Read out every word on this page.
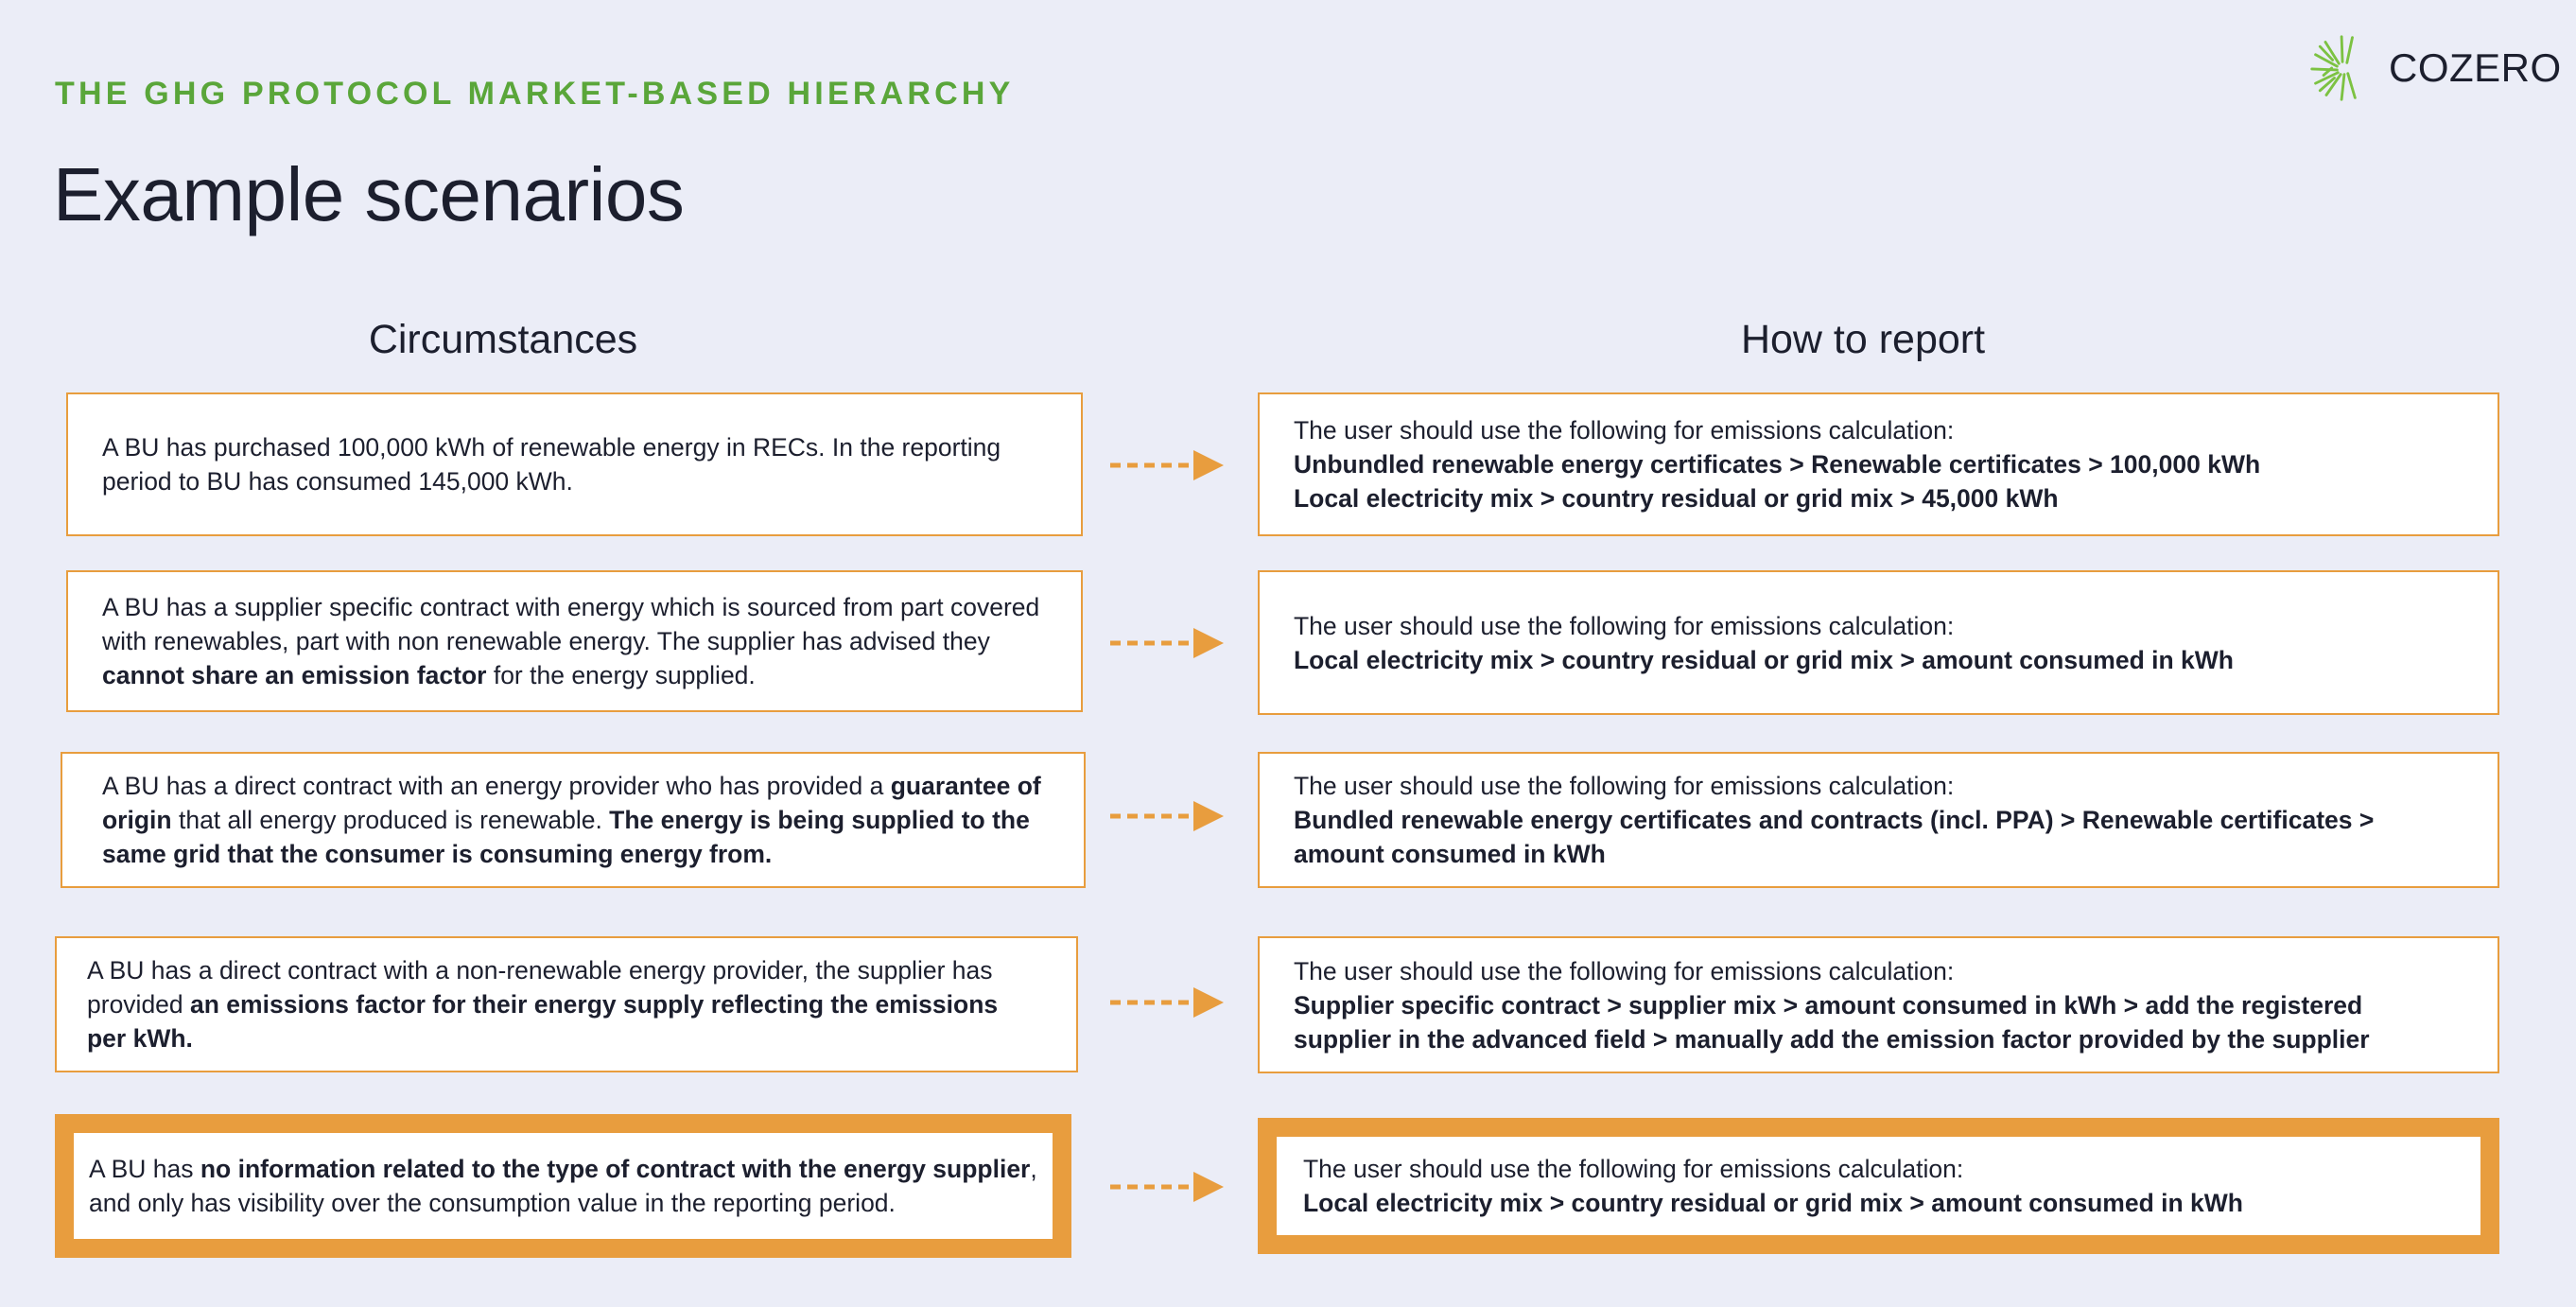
THE GHG PROTOCOL MARKET-BASED HIERARCHY
Example scenarios
COZERO
Circumstances	How to report
A BU has purchased 100,000 kWh of renewable energy in RECs. In the reporting period to BU has consumed 145,000 kWh.
The user should use the following for emissions calculation:
Unbundled renewable energy certificates > Renewable certificates > 100,000 kWh
Local electricity mix > country residual or grid mix > 45,000 kWh
A BU has a supplier specific contract with energy which is sourced from part covered with renewables, part with non renewable energy. The supplier has advised they cannot share an emission factor for the energy supplied.
The user should use the following for emissions calculation:
Local electricity mix > country residual or grid mix > amount consumed in kWh
A BU has a direct contract with an energy provider who has provided a guarantee of origin that all energy produced is renewable. The energy is being supplied to the same grid that the consumer is consuming energy from.
The user should use the following for emissions calculation:
Bundled renewable energy certificates and contracts (incl. PPA) > Renewable certificates > amount consumed in kWh
A BU has a direct contract with a non-renewable energy provider, the supplier has provided an emissions factor for their energy supply reflecting the emissions per kWh.
The user should use the following for emissions calculation:
Supplier specific contract > supplier mix > amount consumed in kWh > add the registered supplier in the advanced field > manually add the emission factor provided by the supplier
A BU has no information related to the type of contract with the energy supplier, and only has visibility over the consumption value in the reporting period.
The user should use the following for emissions calculation:
Local electricity mix > country residual or grid mix > amount consumed in kWh
